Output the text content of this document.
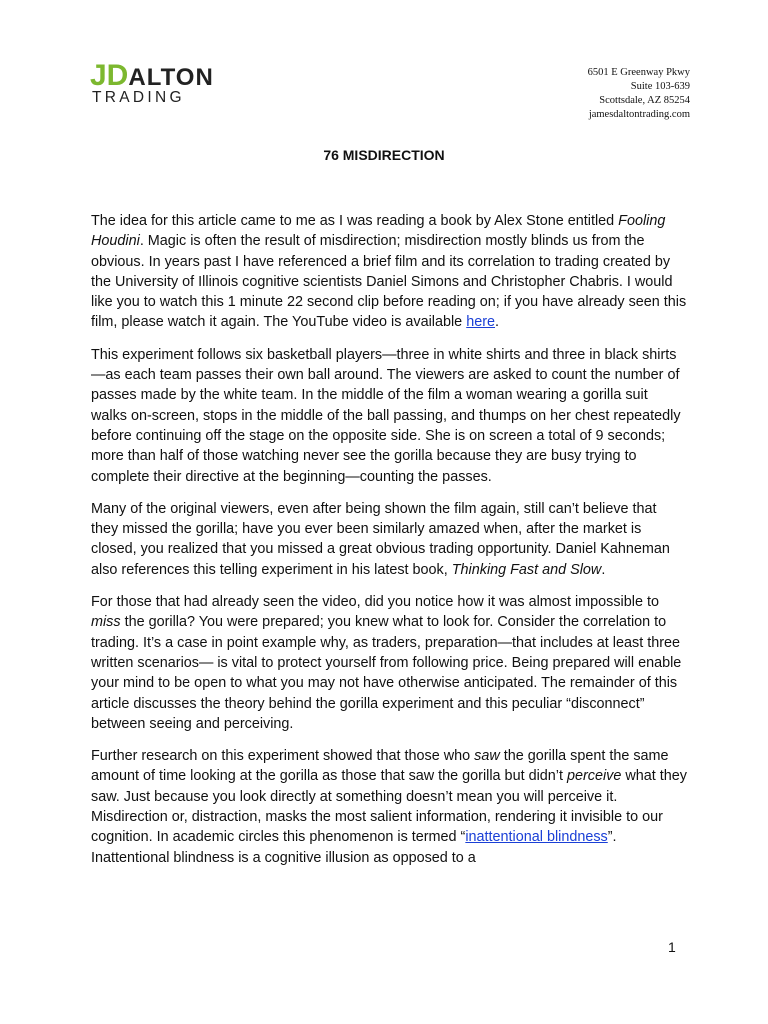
JDALTON
TRADING
6501 E Greenway Pkwy
Suite 103-639
Scottsdale, AZ 85254
jamesdaltontrading.com
76 MISDIRECTION

The idea for this article came to me as I was reading a book by Alex Stone entitled Fooling Houdini. Magic is often the result of misdirection; misdirection mostly blinds us from the obvious. In years past I have referenced a brief film and its correlation to trading created by the University of Illinois cognitive scientists Daniel Simons and Christopher Chabris. I would like you to watch this 1 minute 22 second clip before reading on; if you have already seen this film, please watch it again. The YouTube video is available here.

This experiment follows six basketball players—three in white shirts and three in black shirts—as each team passes their own ball around. The viewers are asked to count the number of passes made by the white team. In the middle of the film a woman wearing a gorilla suit walks on-screen, stops in the middle of the ball passing, and thumps on her chest repeatedly before continuing off the stage on the opposite side. She is on screen a total of 9 seconds; more than half of those watching never see the gorilla because they are busy trying to complete their directive at the beginning—counting the passes.

Many of the original viewers, even after being shown the film again, still can’t believe that they missed the gorilla; have you ever been similarly amazed when, after the market is closed, you realized that you missed a great obvious trading opportunity. Daniel Kahneman also references this telling experiment in his latest book, Thinking Fast and Slow.

For those that had already seen the video, did you notice how it was almost impossible to miss the gorilla? You were prepared; you knew what to look for. Consider the correlation to trading. It’s a case in point example why, as traders, preparation—that includes at least three written scenarios— is vital to protect yourself from following price. Being prepared will enable your mind to be open to what you may not have otherwise anticipated. The remainder of this article discusses the theory behind the gorilla experiment and this peculiar “disconnect” between seeing and perceiving.

Further research on this experiment showed that those who saw the gorilla spent the same amount of time looking at the gorilla as those that saw the gorilla but didn’t perceive what they saw. Just because you look directly at something doesn’t mean you will perceive it. Misdirection or, distraction, masks the most salient information, rendering it invisible to our cognition. In academic circles this phenomenon is termed “inattentional blindness”. Inattentional blindness is a cognitive illusion as opposed to a

1
